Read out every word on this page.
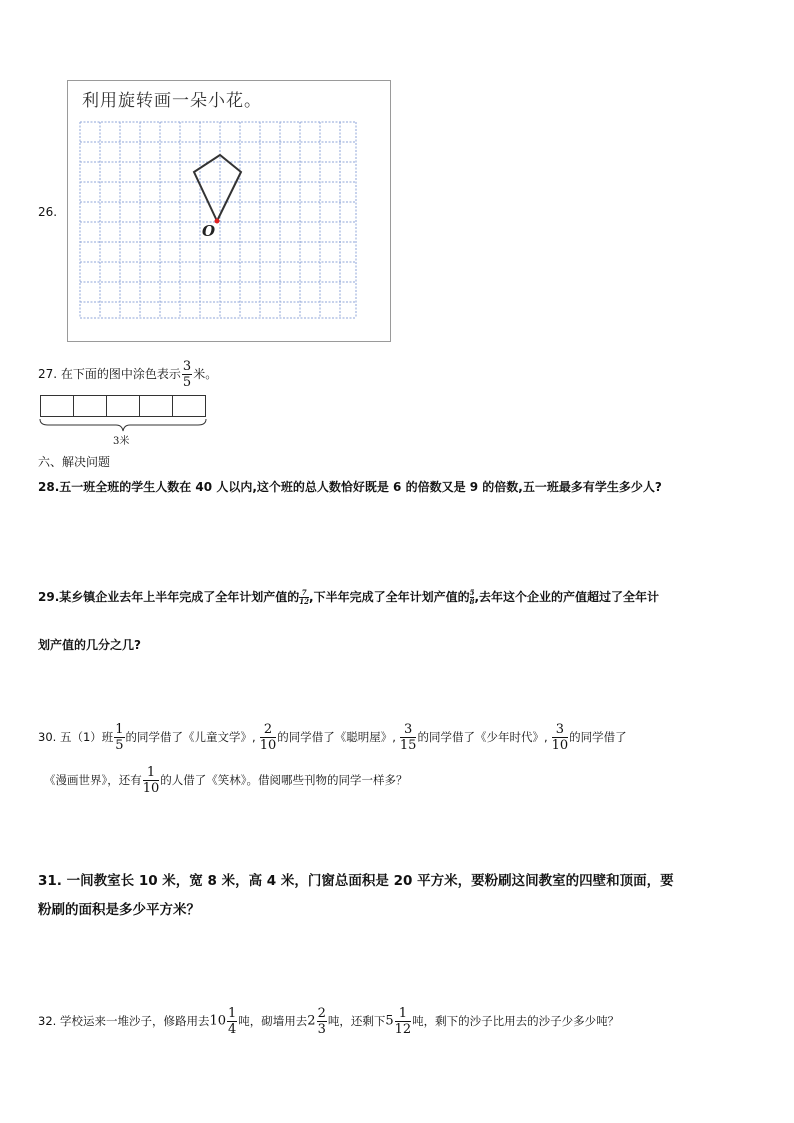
26.
利用旋转画一朵小花。
O
27. 在下面的图中涂色表示 $\frac{3}{5}$ 米。
3米
六、解决问题
28.五一班全班的学生人数在 40 人以内,这个班的总人数恰好既是 6 的倍数又是 9 的倍数,五一班最多有学生多少人?
29.某乡镇企业去年上半年完成了全年计划产值的 $\frac{7}{12}$ ,下半年完成了全年计划产值的 $\frac{5}{8}$ ,去年这个企业的产值超过了全年计
划产值的几分之几?
30. 五（1）班 $\frac{1}{5}$ 的同学借了《儿童文学》, $\frac{2}{10}$ 的同学借了《聪明屋》, $\frac{3}{15}$ 的同学借了《少年时代》, $\frac{3}{10}$ 的同学借了
《漫画世界》，还有 $\frac{1}{10}$ 的人借了《笑林》。借阅哪些刊物的同学一样多？
31. 一间教室长 10 米，宽 8 米，高 4 米，门窗总面积是 20 平方米，要粉刷这间教室的四壁和顶面，要
粉刷的面积是多少平方米？
32. 学校运来一堆沙子，修路用去$10 \frac{1}{4}$ 吨，砌墙用去$2 \frac{2}{3}$ 吨，还剩下$5 \frac{1}{12}$ 吨，剩下的沙子比用去的沙子少多少吨？
